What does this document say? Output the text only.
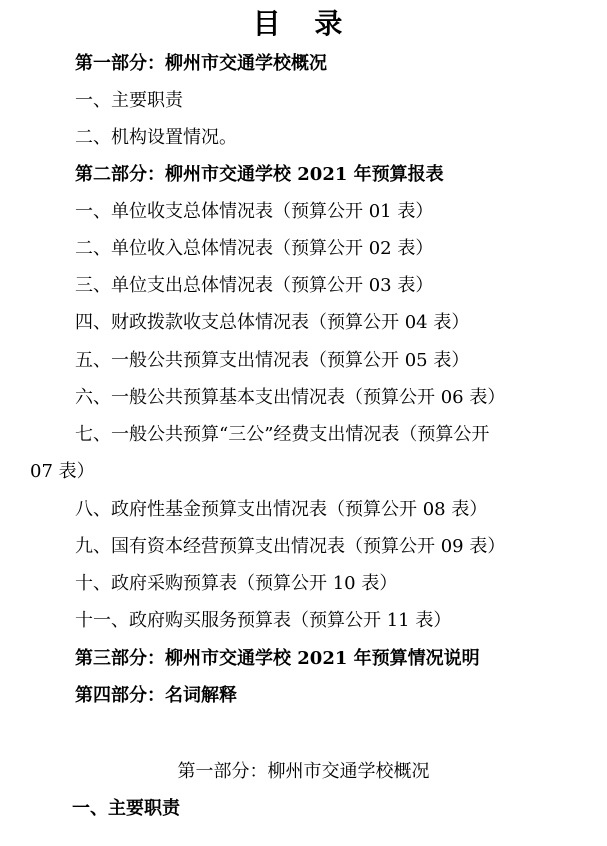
目 录
第一部分：柳州市交通学校概况
一、主要职责
二、机构设置情况。
第二部分：柳州市交通学校 2021 年预算报表
一、单位收支总体情况表（预算公开 01 表）
二、单位收入总体情况表（预算公开 02 表）
三、单位支出总体情况表（预算公开 03 表）
四、财政拨款收支总体情况表（预算公开 04 表）
五、一般公共预算支出情况表（预算公开 05 表）
六、一般公共预算基本支出情况表（预算公开 06 表）
七、一般公共预算“三公”经费支出情况表（预算公开
07 表）
八、政府性基金预算支出情况表（预算公开 08 表）
九、国有资本经营预算支出情况表（预算公开 09 表）
十、政府采购预算表（预算公开 10 表）
十一、政府购买服务预算表（预算公开 11 表）
第三部分：柳州市交通学校 2021 年预算情况说明
第四部分：名词解释
第一部分：柳州市交通学校概况
一、主要职责
